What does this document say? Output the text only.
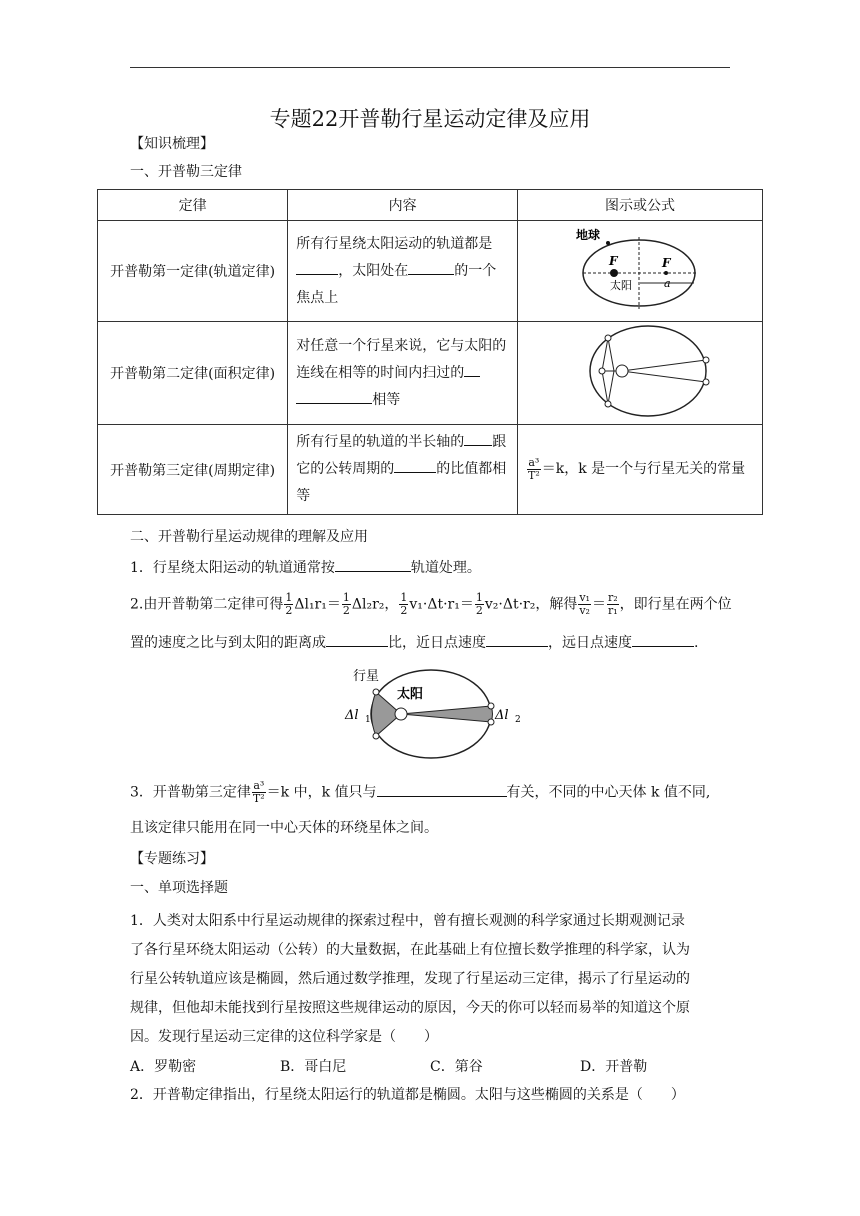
专题22开普勒行星运动定律及应用
【知识梳理】
一、开普勒三定律
定律	内容	图示或公式
开普勒第一定律(轨道定律)	所有行星绕太阳运动的轨道都是，太阳处在 的一个焦点上	地球
F F
太阳 a

开普勒第二定律(面积定律)	对任意一个行星来说，它与太阳的连线在相等的时间内扫过的相等	
开普勒第三定律(周期定律)	所有行星的轨道的半长轴的 跟它的公转周期的 的比值都相等	$\frac{\text{a³}}{\text{T²}} =k$，k 是一个与行星无关的常量
二、开普勒行星运动规律的理解及应用
1．行星绕太阳运动的轨道通常按	轨道处理。
2.由开普勒第二定律可得 $\frac{1}{2} \Delta l_1r_1= \frac{1}{2} \Delta l_2r_2$， $\frac{1}{2} v_1\cdot\Delta t\cdot r_1= \frac{1}{2} v_2\cdot\Delta t\cdot r_2$，解得 $\frac{\text{v₁}}{\text{v₂}} = \frac{\text{r₂}}{\text{r₁}}$ ，即行星在两个位
置的速度之比与到太阳的距离成	比，近日点速度	，远日点速度	.
行星
太阳
Δl 1	Δl 2
3．开普勒第三定律 $\frac{\text{a³}}{\text{T²}} =k$ 中，k 值只与	有关，不同的中心天体 k 值不同,
且该定律只能用在同一中心天体的环绕星体之间。
【专题练习】
一、单项选择题
1．人类对太阳系中行星运动规律的探索过程中，曾有擅长观测的科学家通过长期观测记录
了各行星环绕太阳运动（公转）的大量数据，在此基础上有位擅长数学推理的科学家，认为
行星公转轨道应该是椭圆，然后通过数学推理，发现了行星运动三定律，揭示了行星运动的
规律，但他却未能找到行星按照这些规律运动的原因，今天的你可以轻而易举的知道这个原
因。发现行星运动三定律的这位科学家是（　　）
A．罗勒密	B．哥白尼	C．第谷	D．开普勒
2．开普勒定律指出，行星绕太阳运行的轨道都是椭圆。太阳与这些椭圆的关系是（　　）
